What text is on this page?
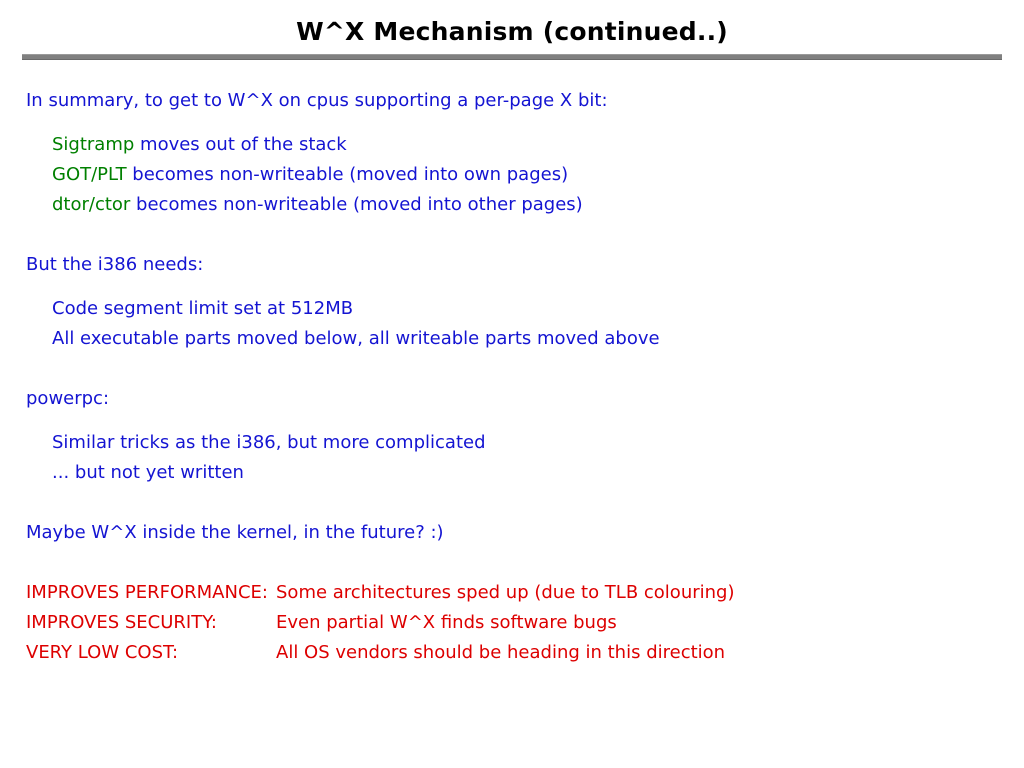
W^X Mechanism (continued..)
In summary, to get to W^X on cpus supporting a per-page X bit:
Sigtramp moves out of the stack
GOT/PLT becomes non-writeable (moved into own pages)
dtor/ctor becomes non-writeable (moved into other pages)
But the i386 needs:
Code segment limit set at 512MB
All executable parts moved below, all writeable parts moved above
powerpc:
Similar tricks as the i386, but more complicated
... but not yet written
Maybe W^X inside the kernel, in the future? :)
IMPROVES PERFORMANCE: Some architectures sped up (due to TLB colouring)
IMPROVES SECURITY:	Even partial W^X finds software bugs
VERY LOW COST:	All OS vendors should be heading in this direction
